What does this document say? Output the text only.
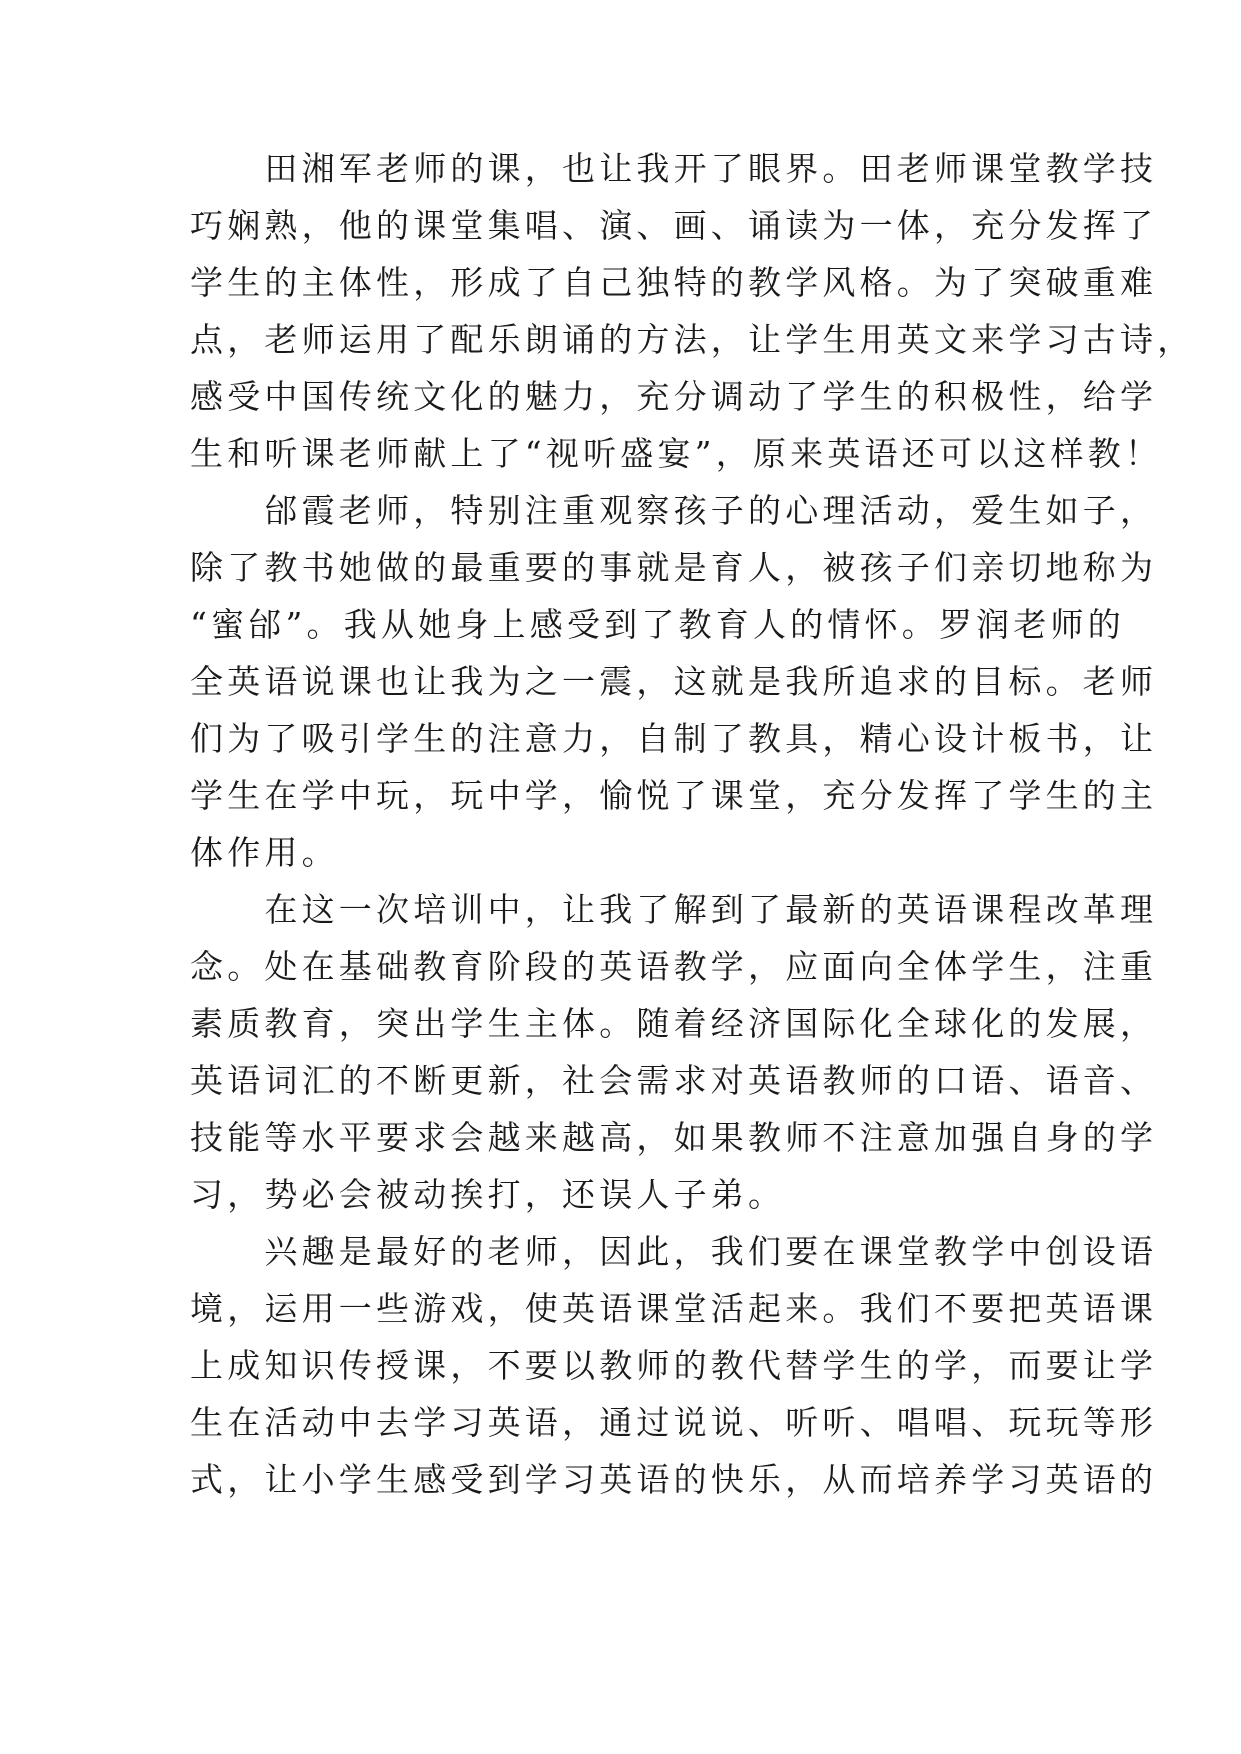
　　田湘军老师的课，也让我开了眼界。田老师课堂教学技
巧娴熟，他的课堂集唱、演、画、诵读为一体，充分发挥了
学生的主体性，形成了自己独特的教学风格。为了突破重难
点，老师运用了配乐朗诵的方法，让学生用英文来学习古诗，
感受中国传统文化的魅力，充分调动了学生的积极性，给学
生和听课老师献上了“视听盛宴”，原来英语还可以这样教！
　　邰霞老师，特别注重观察孩子的心理活动，爱生如子，
除了教书她做的最重要的事就是育人，被孩子们亲切地称为
“蜜邰”。我从她身上感受到了教育人的情怀。罗润老师的
全英语说课也让我为之一震，这就是我所追求的目标。老师
们为了吸引学生的注意力，自制了教具，精心设计板书，让
学生在学中玩，玩中学，愉悦了课堂，充分发挥了学生的主
体作用。
　　在这一次培训中，让我了解到了最新的英语课程改革理
念。处在基础教育阶段的英语教学，应面向全体学生，注重
素质教育，突出学生主体。随着经济国际化全球化的发展，
英语词汇的不断更新，社会需求对英语教师的口语、语音、
技能等水平要求会越来越高，如果教师不注意加强自身的学
习，势必会被动挨打，还误人子弟。
　　兴趣是最好的老师，因此，我们要在课堂教学中创设语
境，运用一些游戏，使英语课堂活起来。我们不要把英语课
上成知识传授课，不要以教师的教代替学生的学，而要让学
生在活动中去学习英语，通过说说、听听、唱唱、玩玩等形
式，让小学生感受到学习英语的快乐，从而培养学习英语的
